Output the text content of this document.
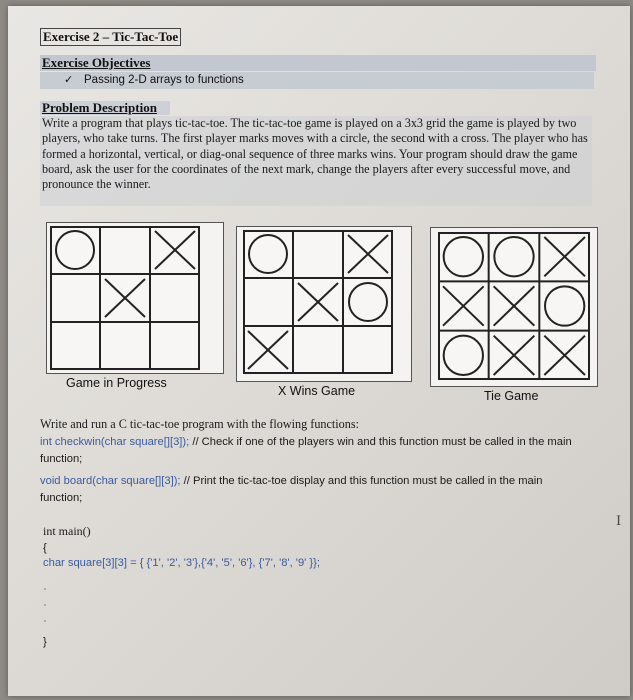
Exercise 2 – Tic-Tac-Toe
Exercise Objectives
✓ Passing 2-D arrays to functions
Problem Description
Write a program that plays tic-tac-toe. The tic-tac-toe game is played on a 3x3 grid the game is played by two players, who take turns. The first player marks moves with a circle, the second with a cross. The player who has formed a horizontal, vertical, or diag-onal sequence of three marks wins. Your program should draw the game board, ask the user for the coordinates of the next mark, change the players after every successful move, and pronounce the winner.
Game in Progress
X Wins Game	Tie Game
Write and run a C tic-tac-toe program with the flowing functions:
int checkwin(char square[][3]); // Check if one of the players win and this function must be called in the main function;
void board(char square[][3]); // Print the tic-tac-toe display and this function must be called in the main function;
int main()
{
char square[3][3] = { {'1', '2', '3'},{'4', '5', '6'}, {'7', '8', '9' }};
}
I
